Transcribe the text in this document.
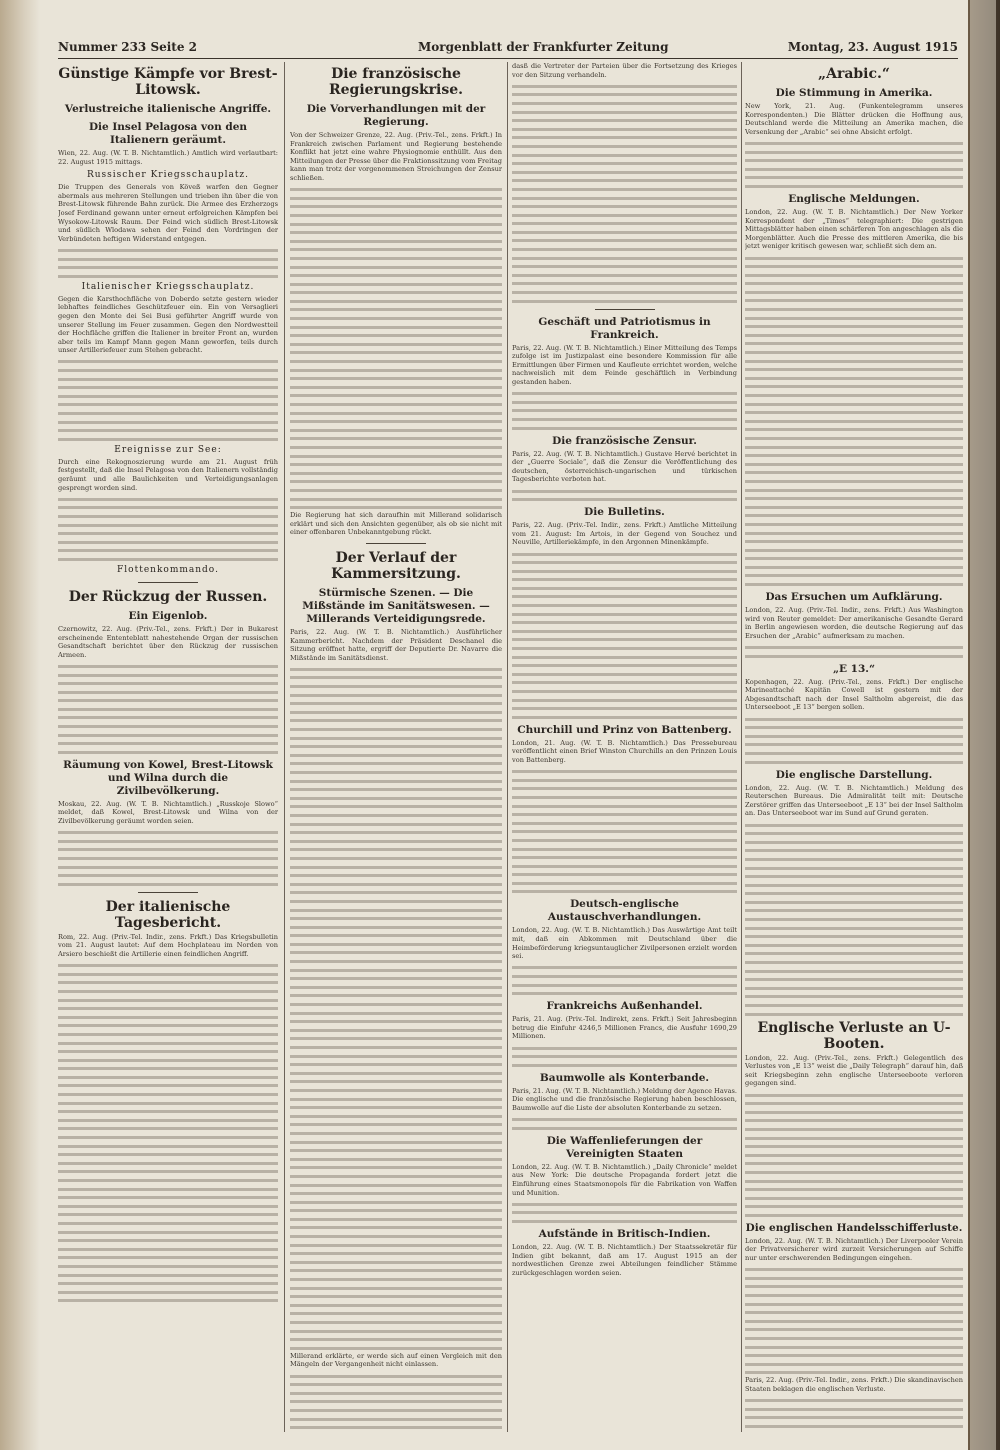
Nummer 233 Seite 2	Morgenblatt der Frankfurter Zeitung	Montag, 23. August 1915
Günstige Kämpfe vor Brest-Litowsk.
Verlustreiche italienische Angriffe.
Die Insel Pelagosa von den Italienern geräumt.

Wien, 22. Aug. (W. T. B. Nichtamtlich.) Amtlich wird verlautbart: 22. August 1915 mittags.

Russischer Kriegsschauplatz.

Die Truppen des Generals von Köveß warfen den Gegner abermals aus mehreren Stellungen und trieben ihn über die von Brest-Litowsk führende Bahn zurück. Die Armee des Erzherzogs Josef Ferdinand gewann unter erneut erfolgreichen Kämpfen bei Wysokow-Litowsk Raum. Der Feind wich südlich Brest-Litowsk und südlich Wlodawa sehen der Feind den Vordringen der Verbündeten heftigen Widerstand entgegen.

Italienischer Kriegsschauplatz.

Gegen die Karsthochfläche von Doberdo setzte gestern wieder lebhaftes feindliches Geschützfeuer ein. Ein von Versaglieri gegen den Monte dei Sei Busi geführter Angriff wurde von unserer Stellung im Feuer zusammen. Gegen den Nordwestteil der Hochfläche griffen die Italiener in breiter Front an, wurden aber teils im Kampf Mann gegen Mann geworfen, teils durch unser Artilleriefeuer zum Stehen gebracht.

Ereignisse zur See:

Durch eine Rekognoszierung wurde am 21. August früh festgestellt, daß die Insel Pelagosa von den Italienern vollständig geräumt und alle Baulichkeiten und Verteidigungsanlagen gesprengt worden sind.

Flottenkommando.
Der Rückzug der Russen.
Ein Eigenlob.

Czernowitz, 22. Aug. (Priv.-Tel., zens. Frkft.) Der in Bukarest erscheinende Ententeblatt nahestehende Organ der russischen Gesandtschaft berichtet über den Rückzug der russischen Armeen.

Räumung von Kowel, Brest-Litowsk und Wilna durch die Zivilbevölkerung.

Moskau, 22. Aug. (W. T. B. Nichtamtlich.) „Russkoje Slowo“ meldet, daß Kowel, Brest-Litowsk und Wilna von der Zivilbevölkerung geräumt worden seien.

Der italienische Tagesbericht.

Rom, 22. Aug. (Priv.-Tel. Indir., zens. Frkft.) Das Kriegsbulletin vom 21. August lautet: Auf dem Hochplateau im Norden von Arsiero beschießt die Artillerie einen feindlichen Angriff.

Die französische Regierungskrise.
Die Vorverhandlungen mit der Regierung.

Von der Schweizer Grenze, 22. Aug. (Priv.-Tel., zens. Frkft.) In Frankreich zwischen Parlament und Regierung bestehende Konflikt hat jetzt eine wahre Physiognomie enthüllt. Aus den Mitteilungen der Presse über die Fraktionssitzung vom Freitag kann man trotz der vorgenommenen Streichungen der Zensur schließen.

Die Regierung hat sich daraufhin mit Millerand solidarisch erklärt und sich den Ansichten gegenüber, als ob sie nicht mit einer offenbaren Unbekanntgebung rückt.

Der Verlauf der Kammersitzung.
Stürmische Szenen. — Die Mißstände im Sanitätswesen. — Millerands Verteidigungsrede.

Paris, 22. Aug. (W. T. B. Nichtamtlich.) Ausführlicher Kammerbericht. Nachdem der Präsident Deschanel die Sitzung eröffnet hatte, ergriff der Deputierte Dr. Navarre die Mißstände im Sanitätsdienst.

Millerand erklärte, er werde sich auf einen Vergleich mit den Mängeln der Vergangenheit nicht einlassen.

dasß die Vertreter der Parteien über die Fortsetzung des Krieges vor den Sitzung verhandeln.

Geschäft und Patriotismus in Frankreich.

Paris, 22. Aug. (W. T. B. Nichtamtlich.) Einer Mitteilung des Temps zufolge ist im Justizpalast eine besondere Kommission für alle Ermittlungen über Firmen und Kaufleute errichtet worden, welche nachweislich mit dem Feinde geschäftlich in Verbindung gestanden haben.

Die französische Zensur.

Paris, 22. Aug. (W. T. B. Nichtamtlich.) Gustave Hervé berichtet in der „Guerre Sociale“, daß die Zensur die Veröffentlichung des deutschen, österreichisch-ungarischen und türkischen Tagesberichte verboten hat.

Die Bulletins.

Paris, 22. Aug. (Priv.-Tel. Indir., zens. Frkft.) Amtliche Mitteilung vom 21. August: Im Artois, in der Gegend von Souchez und Neuville, Artilleriekämpfe, in den Argonnen Minenkämpfe.

Churchill und Prinz von Battenberg.

London, 21. Aug. (W. T. B. Nichtamtlich.) Das Pressebureau veröffentlicht einen Brief Winston Churchills an den Prinzen Louis von Battenberg.

Deutsch-englische Austauschverhandlungen.

London, 22. Aug. (W. T. B. Nichtamtlich.) Das Auswärtige Amt teilt mit, daß ein Abkommen mit Deutschland über die Heimbeförderung kriegsuntauglicher Zivilpersonen erzielt worden sei.

Frankreichs Außenhandel.

Paris, 21. Aug. (Priv.-Tel. Indirekt, zens. Frkft.) Seit Jahresbeginn betrug die Einfuhr 4246,5 Millionen Francs, die Ausfuhr 1690,29 Millionen.

Baumwolle als Konterbande.

Paris, 21. Aug. (W. T. B. Nichtamtlich.) Meldung der Agence Havas. Die englische und die französische Regierung haben beschlossen, Baumwolle auf die Liste der absoluten Konterbande zu setzen.

Die Waffenlieferungen der Vereinigten Staaten

London, 22. Aug. (W. T. B. Nichtamtlich.) „Daily Chronicle“ meldet aus New York: Die deutsche Propaganda fordert jetzt die Einführung eines Staatsmonopols für die Fabrikation von Waffen und Munition.

Aufstände in Britisch-Indien.

London, 22. Aug. (W. T. B. Nichtamtlich.) Der Staatssekretär für Indien gibt bekannt, daß am 17. August 1915 an der nordwestlichen Grenze zwei Abteilungen feindlicher Stämme zurückgeschlagen worden seien.

„Arabic.“
Die Stimmung in Amerika.

New York, 21. Aug. (Funkentelegramm unseres Korrespondenten.) Die Blätter drücken die Hoffnung aus, Deutschland werde die Mitteilung an Amerika machen, die Versenkung der „Arabic“ sei ohne Absicht erfolgt.

Englische Meldungen.

London, 22. Aug. (W. T. B. Nichtamtlich.) Der New Yorker Korrespondent der „Times“ telegraphiert: Die gestrigen Mittagsblätter haben einen schärferen Ton angeschlagen als die Morgenblätter. Auch die Presse des mittleren Amerika, die bis jetzt weniger kritisch gewesen war, schließt sich dem an.

Das Ersuchen um Aufklärung.

London, 22. Aug. (Priv.-Tel. Indir., zens. Frkft.) Aus Washington wird von Reuter gemeldet: Der amerikanische Gesandte Gerard in Berlin angewiesen worden, die deutsche Regierung auf das Ersuchen der „Arabic“ aufmerksam zu machen.

„E 13.“

Kopenhagen, 22. Aug. (Priv.-Tel., zens. Frkft.) Der englische Marineattaché Kapitän Cowell ist gestern mit der Abgesandtschaft nach der Insel Saltholm abgereist, die das Unterseeboot „E 13“ bergen sollen.

Die englische Darstellung.

London, 22. Aug. (W. T. B. Nichtamtlich.) Meldung des Reuterschen Bureaus. Die Admiralität teilt mit: Deutsche Zerstörer griffen das Unterseeboot „E 13“ bei der Insel Saltholm an. Das Unterseeboot war im Sund auf Grund geraten.

Englische Verluste an U-Booten.

London, 22. Aug. (Priv.-Tel., zens. Frkft.) Gelegentlich des Verlustes von „E 13“ weist die „Daily Telegraph“ darauf hin, daß seit Kriegsbeginn zehn englische Unterseeboote verloren gegangen sind.

Die englischen Handelsschifferluste.

London, 22. Aug. (W. T. B. Nichtamtlich.) Der Liverpooler Verein der Privatversicherer wird zurzeit Versicherungen auf Schiffe nur unter erschwerenden Bedingungen eingehen.

Paris, 22. Aug. (Priv.-Tel. Indir., zens. Frkft.) Die skandinavischen Staaten beklagen die englischen Verluste.
